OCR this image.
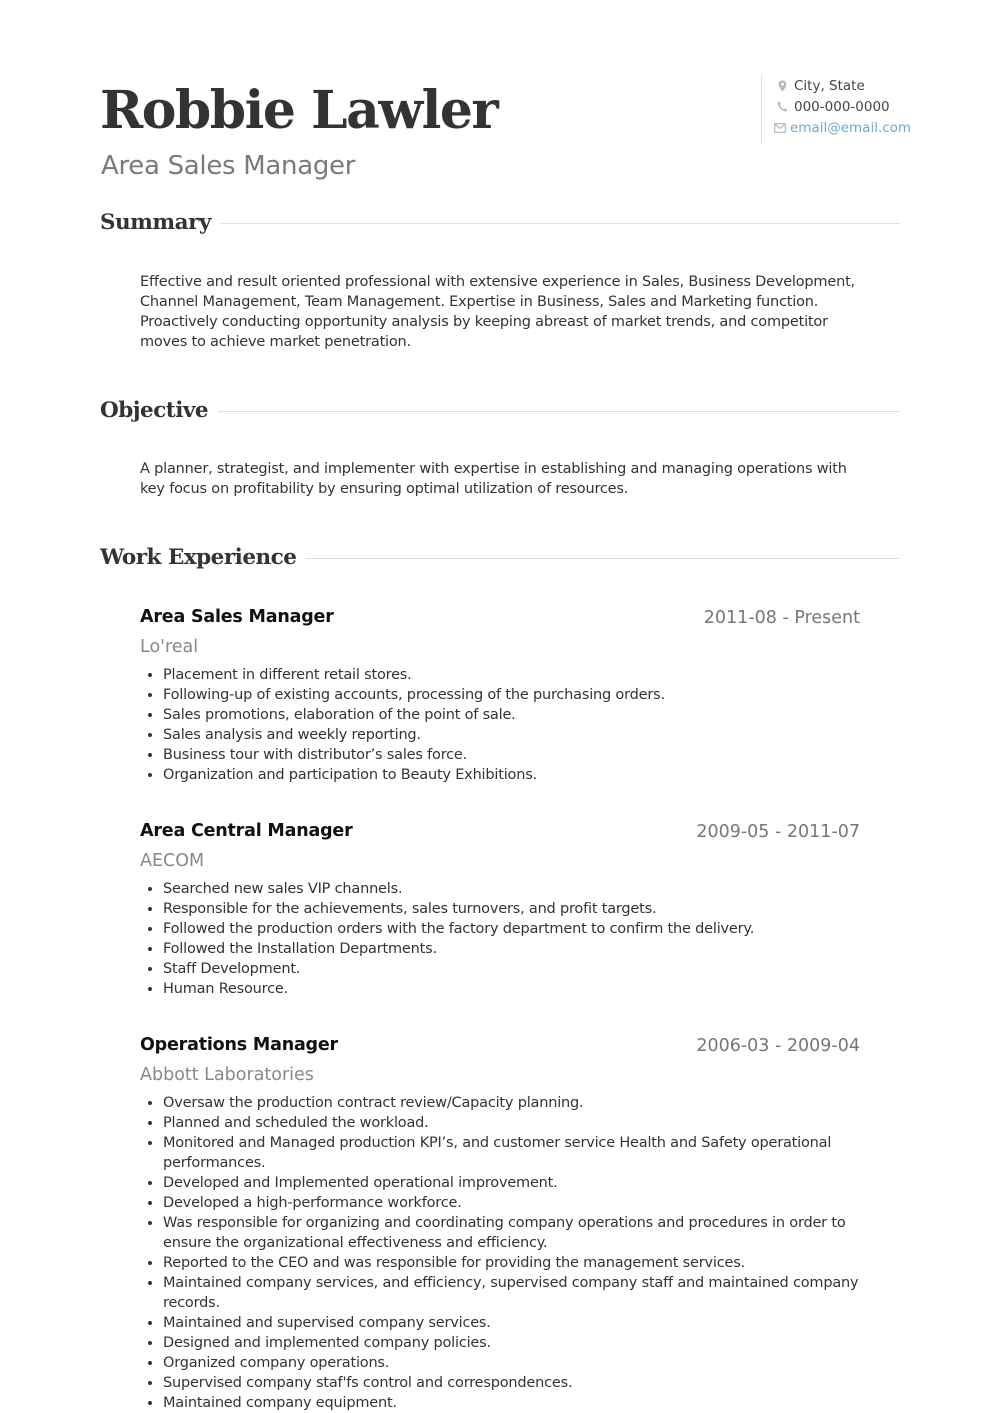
Robbie Lawler
Area Sales Manager
City, State
000-000-0000
email@email.com
Summary

Effective and result oriented professional with extensive experience in Sales, Business Development, Channel Management, Team Management. Expertise in Business, Sales and Marketing function. Proactively conducting opportunity analysis by keeping abreast of market trends, and competitor moves to achieve market penetration.

Objective

A planner, strategist, and implementer with expertise in establishing and managing operations with key focus on profitability by ensuring optimal utilization of resources.

Work Experience
Area Sales Manager	2011-08 - Present
Lo'real
• Placement in different retail stores.
• Following-up of existing accounts, processing of the purchasing orders.
• Sales promotions, elaboration of the point of sale.
• Sales analysis and weekly reporting.
• Business tour with distributor’s sales force.
• Organization and participation to Beauty Exhibitions.
Area Central Manager	2009-05 - 2011-07
AECOM
• Searched new sales VIP channels.
• Responsible for the achievements, sales turnovers, and profit targets.
• Followed the production orders with the factory department to confirm the delivery.
• Followed the Installation Departments.
• Staff Development.
• Human Resource.
Operations Manager	2006-03 - 2009-04
Abbott Laboratories
• Oversaw the production contract review/Capacity planning.
• Planned and scheduled the workload.
• Monitored and Managed production KPI’s, and customer service Health and Safety operational performances.
• Developed and Implemented operational improvement.
• Developed a high-performance workforce.
• Was responsible for organizing and coordinating company operations and procedures in order to ensure the organizational effectiveness and efficiency.
• Reported to the CEO and was responsible for providing the management services.
• Maintained company services, and efficiency, supervised company staff and maintained company records.
• Maintained and supervised company services.
• Designed and implemented company policies.
• Organized company operations.
• Supervised company staf'fs control and correspondences.
• Maintained company equipment.
